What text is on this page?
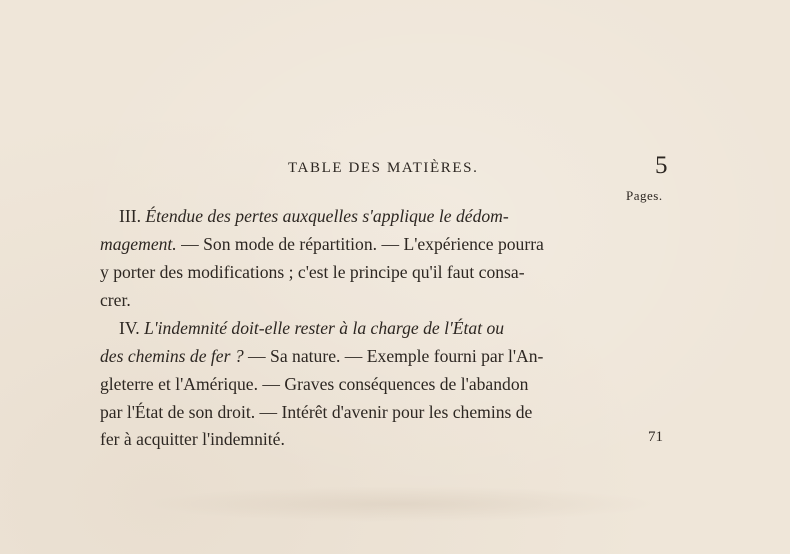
TABLE DES MATIÈRES.	5
Pages.
III. Étendue des pertes auxquelles s'applique le dédom-
magement. — Son mode de répartition. — L'expérience pourra
y porter des modifications ; c'est le principe qu'il faut consa-
crer.
IV. L'indemnité doit-elle rester à la charge de l'État ou
des chemins de fer ? — Sa nature. — Exemple fourni par l'An-
gleterre et l'Amérique. — Graves conséquences de l'abandon
par l'État de son droit. — Intérêt d'avenir pour les chemins de
fer à acquitter l'indemnité.	71
